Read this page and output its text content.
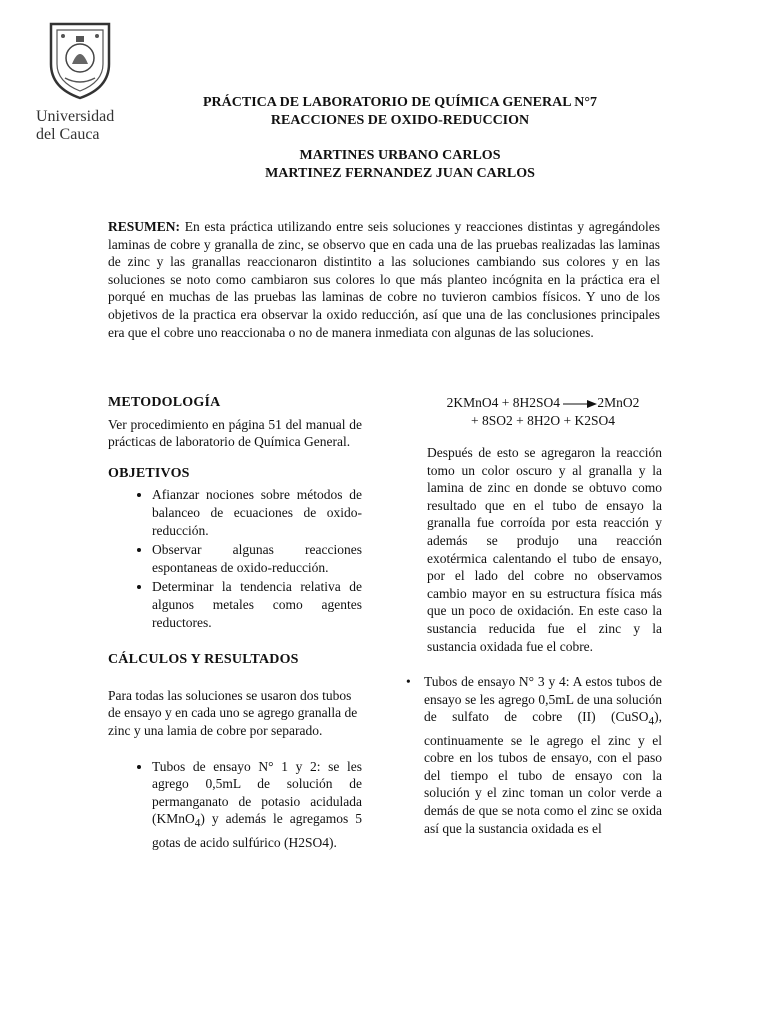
Universidad
del Cauca
PRÁCTICA DE LABORATORIO DE QUÍMICA GENERAL N°7
REACCIONES DE OXIDO-REDUCCION
MARTINES URBANO CARLOS
MARTINEZ FERNANDEZ JUAN CARLOS
RESUMEN: En esta práctica utilizando entre seis soluciones y reacciones distintas y agregándoles laminas de cobre y granalla de zinc, se observo que en cada una de las pruebas realizadas las laminas de zinc y las granallas reaccionaron distintito a las soluciones cambiando sus colores y en las soluciones se noto como cambiaron sus colores lo que más planteo incógnita en la práctica era el porqué en muchas de las pruebas las laminas de cobre no tuvieron cambios físicos. Y uno de los objetivos de la practica era observar la oxido reducción, así que una de las conclusiones principales era que el cobre uno reaccionaba o no de manera inmediata con algunas de las soluciones.
METODOLOGÍA

Ver procedimiento en página 51 del manual de prácticas de laboratorio de Química General.

OBJETIVOS
• Afianzar nociones sobre métodos de balanceo de ecuaciones de oxido-reducción.
• Observar algunas reacciones espontaneas de oxido-reducción.
• Determinar la tendencia relativa de algunos metales como agentes reductores.
CÁLCULOS Y RESULTADOS

Para todas las soluciones se usaron dos tubos de ensayo y en cada uno se agrego granalla de zinc y una lamia de cobre por separado.

• Tubos de ensayo N° 1 y 2: se les agrego 0,5mL de solución de permanganato de potasio acidulada (KMnO$_4$) y además le agregamos 5 gotas de acido sulfúrico (H2SO4).
2KMnO4 + 8H2SO4 →2MnO2
+ 8SO2 + 8H2O + K2SO4

Después de esto se agregaron la reacción tomo un color oscuro y al granalla y la lamina de zinc en donde se obtuvo como resultado que en el tubo de ensayo la granalla fue corroída por esta reacción y además se produjo una reacción exotérmica calentando el tubo de ensayo, por el lado del cobre no observamos cambio mayor en su estructura física más que un poco de oxidación. En este caso la sustancia reducida fue el zinc y la sustancia oxidada fue el cobre.

• Tubos de ensayo N° 3 y 4: A estos tubos de ensayo se les agrego 0,5mL de una solución de sulfato de cobre (II) (CuSO$_4$), continuamente se le agrego el zinc y el cobre en los tubos de ensayo, con el paso del tiempo el tubo de ensayo con la solución y el zinc toman un color verde a demás de que se nota como el zinc se oxida así que la sustancia oxidada es el
